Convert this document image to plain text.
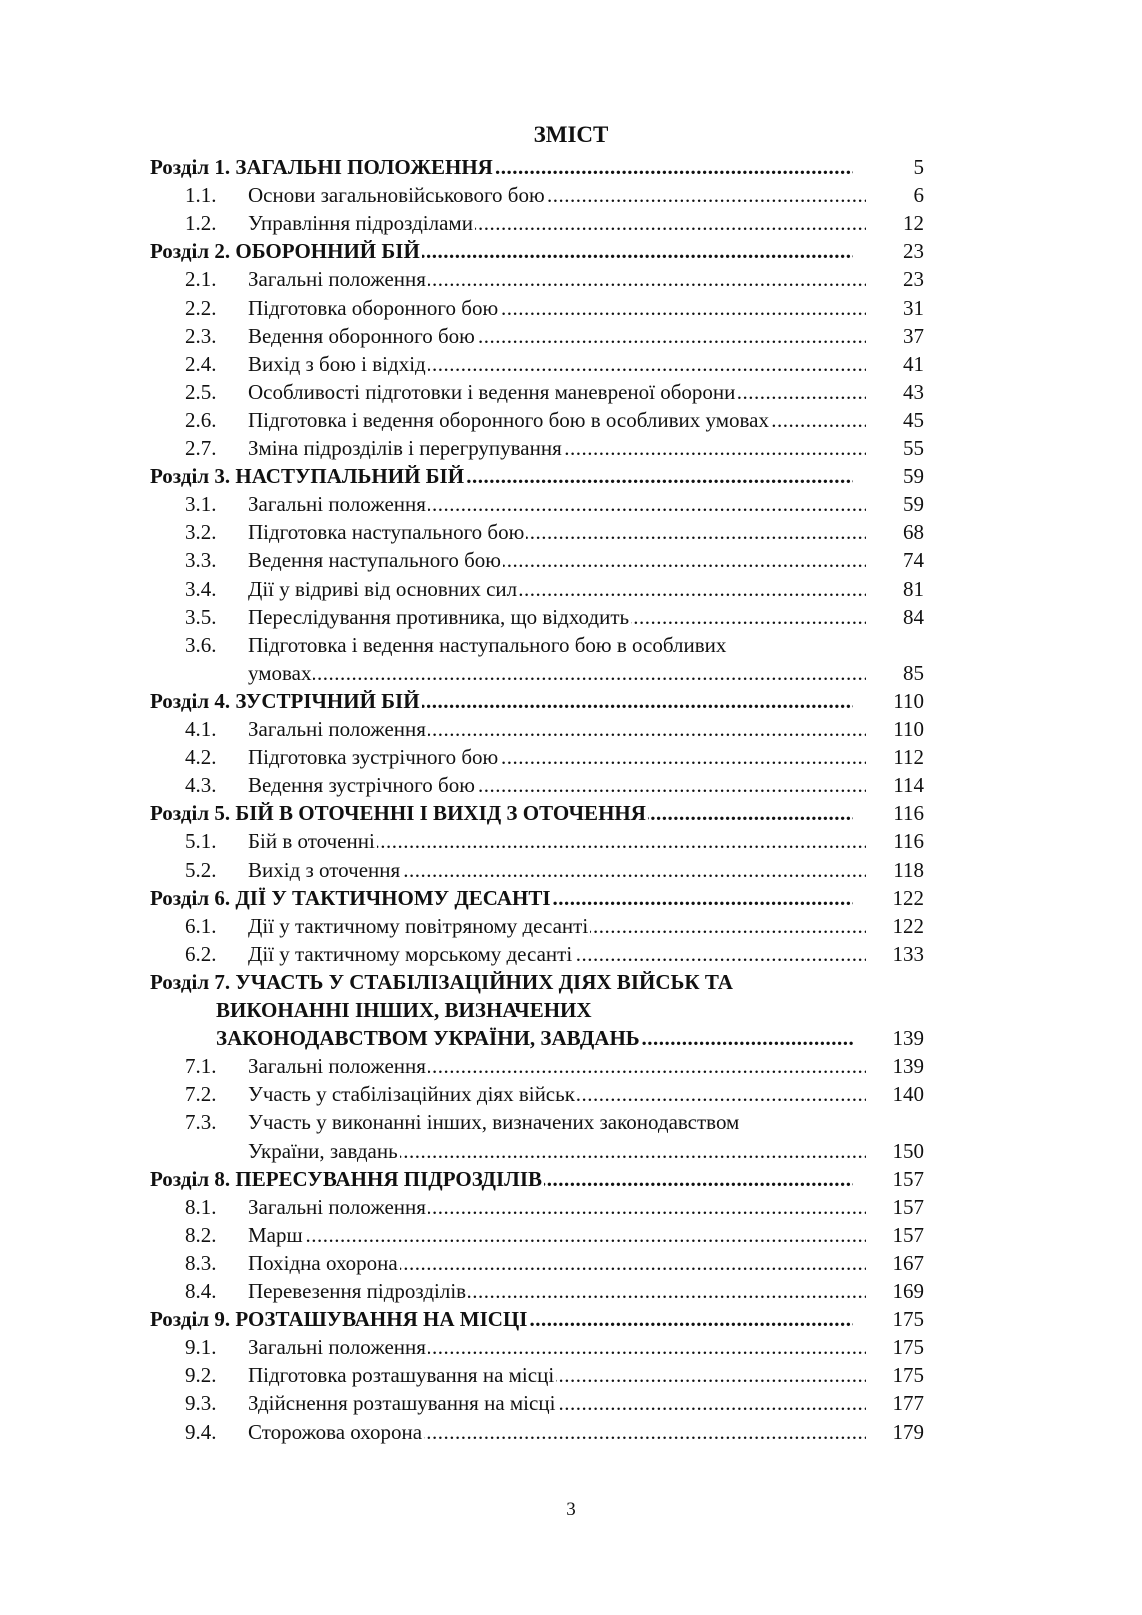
ЗМІСТ
Розділ 1. ЗАГАЛЬНІ ПОЛОЖЕННЯ .....	5
1.1. Основи загальновійськового бою .....	6
1.2. Управління підрозділами .....	12
Розділ 2. ОБОРОННИЙ БІЙ .....	23
2.1. Загальні положення .....	23
2.2. Підготовка оборонного бою .....	31
2.3. Ведення оборонного бою .....	37
2.4. Вихід з бою і відхід .....	41
2.5. Особливості підготовки і ведення маневреної оборони .....	43
2.6. Підготовка і ведення оборонного бою в особливих умовах .....	45
2.7. Зміна підрозділів і перегрупування .....	55
Розділ 3. НАСТУПАЛЬНИЙ БІЙ .....	59
3.1. Загальні положення .....	59
3.2. Підготовка наступального бою .....	68
3.3. Ведення наступального бою .....	74
3.4. Дії у відриві від основних сил .....	81
3.5. Переслідування противника, що відходить .....	84
3.6. Підготовка і ведення наступального бою в особливих
умовах .....	85
Розділ 4. ЗУСТРІЧНИЙ БІЙ .....	110
4.1. Загальні положення .....	110
4.2. Підготовка зустрічного бою .....	112
4.3. Ведення зустрічного бою .....	114
Розділ 5. БІЙ В ОТОЧЕННІ І ВИХІД З ОТОЧЕННЯ .....	116
5.1. Бій в оточенні .....	116
5.2. Вихід з оточення .....	118
Розділ 6. ДІЇ У ТАКТИЧНОМУ ДЕСАНТІ .....	122
6.1. Дії у тактичному повітряному десанті .....	122
6.2. Дії у тактичному морському десанті .....	133
Розділ 7. УЧАСТЬ У СТАБІЛІЗАЦІЙНИХ ДІЯХ ВІЙСЬК ТА
ВИКОНАННІ ІНШИХ, ВИЗНАЧЕНИХ
ЗАКОНОДАВСТВОМ УКРАЇНИ, ЗАВДАНЬ .....	139
7.1. Загальні положення .....	139
7.2. Участь у стабілізаційних діях військ .....	140
7.3. Участь у виконанні інших, визначених законодавством
України, завдань .....	150
Розділ 8. ПЕРЕСУВАННЯ ПІДРОЗДІЛІВ .....	157
8.1. Загальні положення .....	157
8.2. Марш .....	157
8.3. Похідна охорона .....	167
8.4. Перевезення підрозділів .....	169
Розділ 9. РОЗТАШУВАННЯ НА МІСЦІ .....	175
9.1. Загальні положення .....	175
9.2. Підготовка розташування на місці .....	175
9.3. Здійснення розташування на місці .....	177
9.4. Сторожова охорона .....	179
3
